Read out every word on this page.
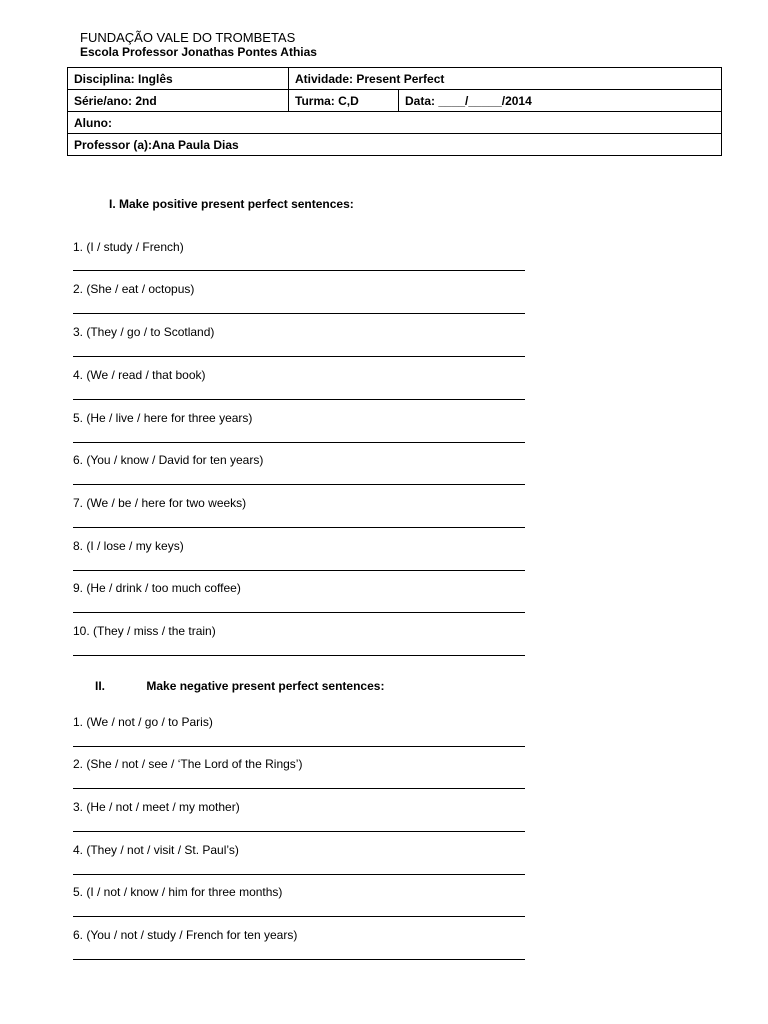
FUNDAÇÃO VALE DO TROMBETAS
Escola Professor Jonathas Pontes Athias
Disciplina: Inglês	Atividade: Present Perfect	
Série/ano: 2nd	Turma: C,D	Data: ____/_____/2014
Aluno:		
Professor (a):Ana Paula Dias		
I. Make positive present perfect sentences:
1. (I / study / French)
2. (She / eat / octopus)
3. (They / go / to Scotland)
4. (We / read / that book)
5. (He / live / here for three years)
6. (You / know / David for ten years)
7. (We / be / here for two weeks)
8. (I / lose / my keys)
9. (He / drink / too much coffee)
10. (They / miss / the train)
II.	Make negative present perfect sentences:
1. (We / not / go / to Paris)
2. (She / not / see / ‘The Lord of the Rings’)
3. (He / not / meet / my mother)
4. (They / not / visit / St. Paul’s)
5. (I / not / know / him for three months)
6. (You / not / study / French for ten years)
